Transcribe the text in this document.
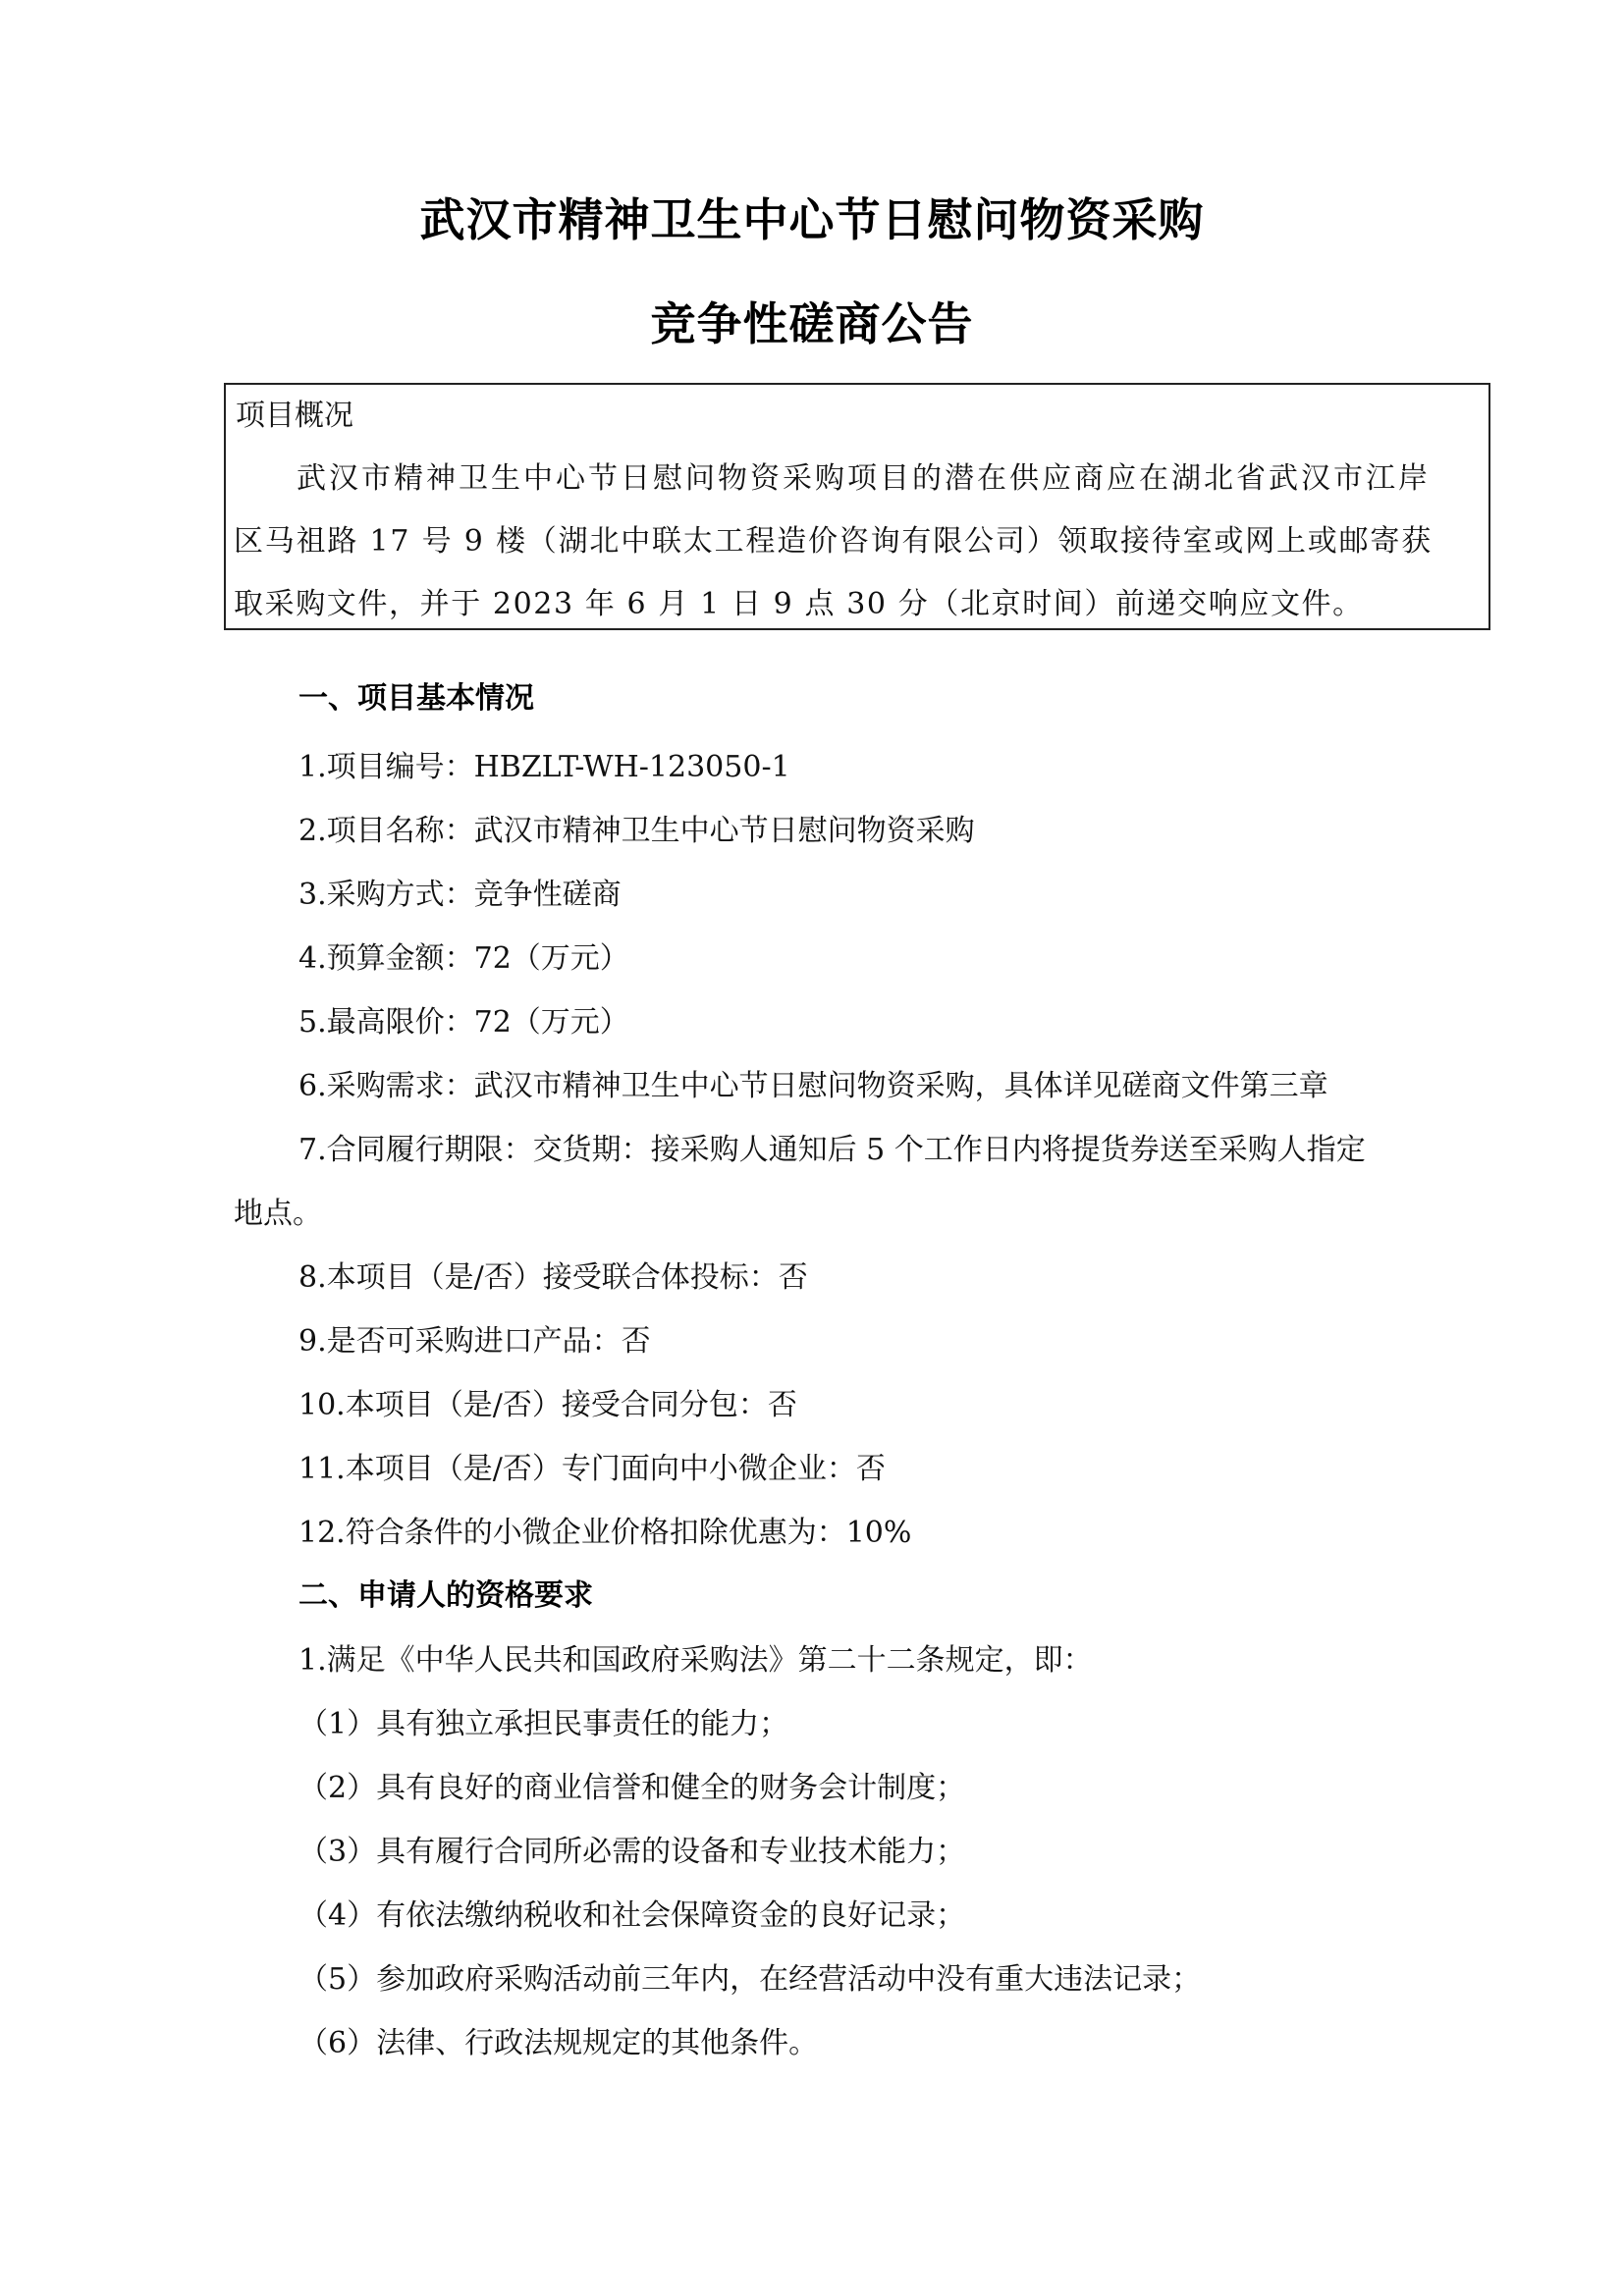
武汉市精神卫生中心节日慰问物资采购
竞争性磋商公告
项目概况
武汉市精神卫生中心节日慰问物资采购项目的潜在供应商应在湖北省武汉市江岸
区马祖路 17 号 9 楼（湖北中联太工程造价咨询有限公司）领取接待室或网上或邮寄获
取采购文件，并于 2023 年 6 月 1 日 9 点 30 分（北京时间）前递交响应文件。
一、项目基本情况
1.项目编号：HBZLT-WH-123050-1
2.项目名称：武汉市精神卫生中心节日慰问物资采购
3.采购方式：竞争性磋商
4.预算金额：72（万元）
5.最高限价：72（万元）
6.采购需求：武汉市精神卫生中心节日慰问物资采购，具体详见磋商文件第三章
7.合同履行期限：交货期：接采购人通知后 5 个工作日内将提货券送至采购人指定
地点。
8.本项目（是/否）接受联合体投标：否
9.是否可采购进口产品：否
10.本项目（是/否）接受合同分包：否
11.本项目（是/否）专门面向中小微企业：否
12.符合条件的小微企业价格扣除优惠为：10%
二、申请人的资格要求
1.满足《中华人民共和国政府采购法》第二十二条规定，即：
（1）具有独立承担民事责任的能力；
（2）具有良好的商业信誉和健全的财务会计制度；
（3）具有履行合同所必需的设备和专业技术能力；
（4）有依法缴纳税收和社会保障资金的良好记录；
（5）参加政府采购活动前三年内，在经营活动中没有重大违法记录；
（6）法律、行政法规规定的其他条件。
